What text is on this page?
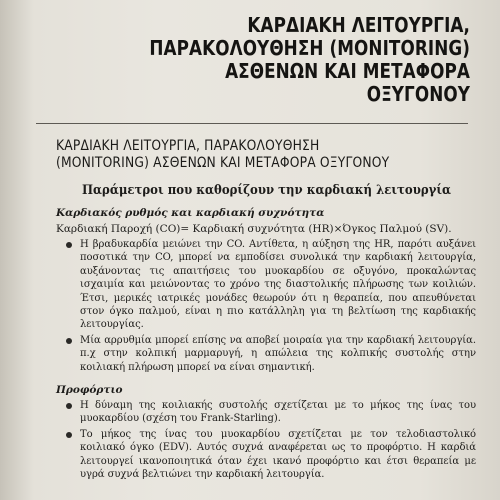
ΚΑΡΔΙΑΚΗ ΛΕΙΤΟΥΡΓΙΑ,
ΠΑΡΑΚΟΛΟΥΘΗΣΗ (MONITORING)
ΑΣΘΕΝΩΝ ΚΑΙ ΜΕΤΑΦΟΡΑ
ΟΞΥΓΟΝΟΥ
ΚΑΡΔΙΑΚΗ ΛΕΙΤΟΥΡΓΙΑ, ΠΑΡΑΚΟΛΟΥΘΗΣΗ
(MONITORING) ΑΣΘΕΝΩΝ ΚΑΙ ΜΕΤΑΦΟΡΑ ΟΞΥΓΟΝΟΥ
Παράμετροι που καθορίζουν την καρδιακή λειτουργία
Καρδιακός ρυθμός και καρδιακή συχνότητα
Καρδιακή Παροχή (CO)= Καρδιακή συχνότητα (HR)×Όγκος Παλμού (SV).
Η βραδυκαρδία μειώνει την CO. Αντίθετα, η αύξηση της HR, παρότι αυξάνει ποσοτικά την CO, μπορεί να εμποδίσει συνολικά την καρδιακή λειτουργία, αυξάνοντας τις απαιτήσεις του μυοκαρδίου σε οξυγόνο, προκαλώντας ισχαιμία και μειώνοντας το χρόνο της διαστολικής πλήρωσης των κοιλιών. Έτσι, μερικές ιατρικές μονάδες θεωρούν ότι η θεραπεία, που απευθύνεται στον όγκο παλμού, είναι η πιο κατάλληλη για τη βελτίωση της καρδιακής λειτουργίας.
Μία αρρυθμία μπορεί επίσης να αποβεί μοιραία για την καρδιακή λειτουργία. π.χ στην κολπική μαρμαρυγή, η απώλεια της κολπικής συστολής στην κοιλιακή πλήρωση μπορεί να είναι σημαντική.
Προφόρτιο
Η δύναμη της κοιλιακής συστολής σχετίζεται με το μήκος της ίνας του μυοκαρδίου (σχέση του Frank-Starling).
Το μήκος της ίνας του μυοκαρδίου σχετίζεται με τον τελοδιαστολικό κοιλιακό όγκο (EDV). Αυτός συχνά αναφέρεται ως το προφόρτιο. Η καρδιά λειτουργεί ικανοποιητικά όταν έχει ικανό προφόρτιο και έτσι θεραπεία με υγρά συχνά βελτιώνει την καρδιακή λειτουργία.
